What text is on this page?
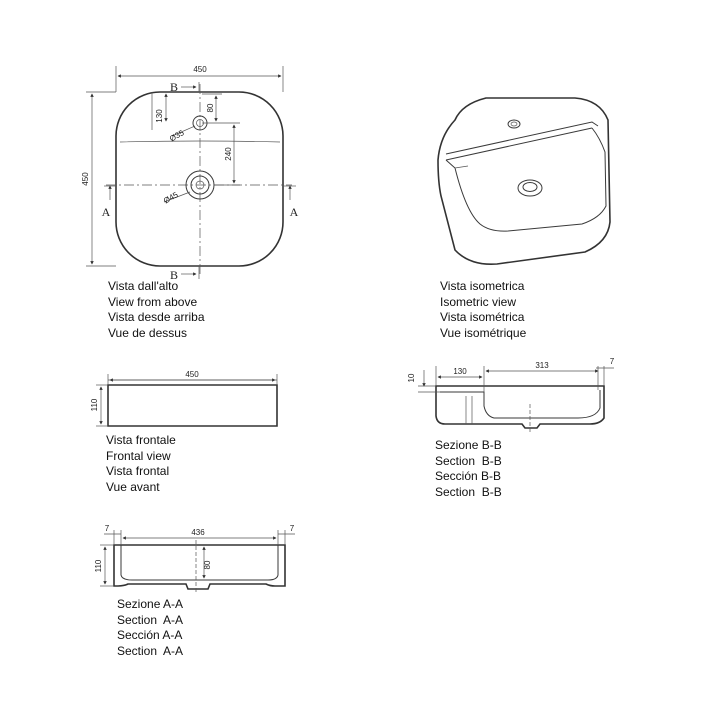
450
450
130
80
240
Ø35
Ø45
B
B
A	A
450
110
130
313	7
10
7	436	7
110	80
Vista dall'alto
View from above
Vista desde arriba
Vue de dessus
Vista isometrica
Isometric view
Vista isométrica
Vue isométrique
Vista frontale
Frontal view
Vista frontal
Vue avant
Sezione B-B
Section  B-B
Sección B-B
Section  B-B
Sezione A-A
Section  A-A
Sección A-A
Section  A-A
